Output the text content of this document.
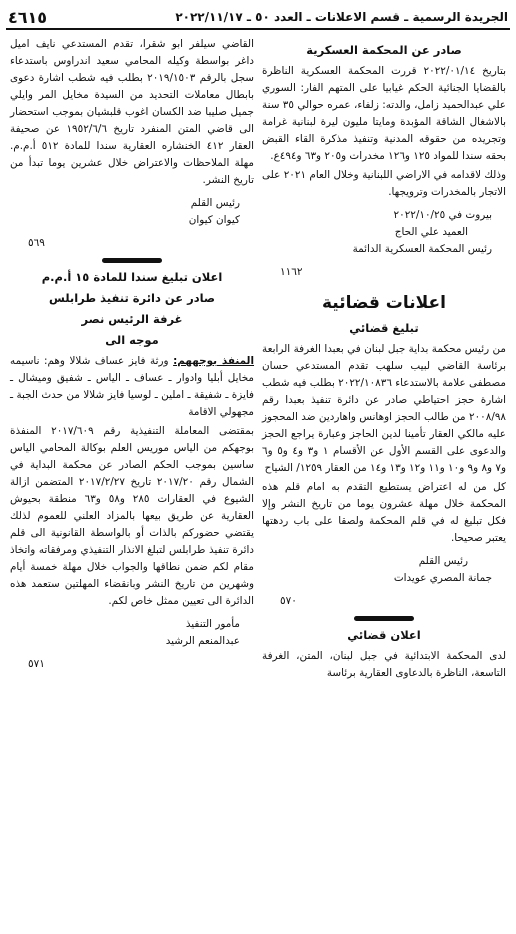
٤٦١٥	الجريدة الرسمية ـ قسم الاعلانات ـ العدد ٥٠ ـ ٢٠٢٢/١١/١٧
صادر عن المحكمة العسكرية

بتاريخ ٢٠٢٢/٠١/١٤ قررت المحكمة العسكرية الناظرة بالقضايا الجنائية الحكم غيابيا على المتهم الفار: السوري علي عبدالحميد زامل، والدته: زلفاء، عمره حوالي ٣٥ سنة بالاشغال الشاقة المؤبدة ومايتا مليون ليرة لبنانية غرامة وتجريده من حقوقه المدنية وتنفيذ مذكرة القاء القبض بحقه سندا للمواد ١٢٥ و١٢٦ مخدرات و٢٠٥ و٦٣ و٤٩٤ع.

وذلك لاقدامه في الاراضي اللبنانية وخلال العام ٢٠٢١ على الاتجار بالمخدرات وترويجها.

بيروت في ٢٠٢٢/١٠/٢٥

العميد علي الحاج

رئيس المحكمة العسكرية الدائمة

١١٦٢
اعلانات قضائية
تبليغ قضائي

من رئيس محكمة بداية جبل لبنان في بعبدا الغرفة الرابعة برئاسة القاضي لبيب سلهب تقدم المستدعي حسان مصطفى علامة بالاستدعاء ٢٠٢٢/١٠٨٣٦ بطلب فيه شطب اشارة حجز احتياطي صادر عن دائرة تنفيذ بعبدا رقم ٢٠٠٨/٩٨ من طالب الحجز اوهانس واهاردين ضد المحجوز عليه مالكي العقار تأمينا لدين الحاجز وعبارة يراجع الحجز والدعوى على القسم الأول عن الأقسام ١ و٣ و٤ و٥ و٦ و٧ و٨ و٩ و١٠ و١١ و١٢ و١٣ و١٤ من العقار ١٢٥٩/ الشياح

كل من له اعتراض يستطيع التقدم به امام قلم هذه المحكمة خلال مهلة عشرون يوما من تاريخ النشر وإلا فكل تبليغ له في قلم المحكمة ولصقا على باب ردهتها يعتبر صحيحا.

رئيس القلم

جمانة المصري عويدات

٥٧٠
اعلان قضائي

لدى المحكمة الابتدائية في جبل لبنان، المتن، الغرفة التاسعة، الناظرة بالدعاوى العقارية برئاسة

القاضي سيلفر ابو شقرا، تقدم المستدعي نايف اميل داغر بواسطة وكيله المحامي سعيد اندراوس باستدعاء سجل بالرقم ٢٠١٩/١٥٠٣ بطلب فيه شطب اشارة دعوى بابطال معاملات التحديد من السيدة مخايل المر وايلي جميل صليبا ضد الكسان اغوب قلبشيان بموجب استحضار الى قاضي المتن المنفرد تاريخ ١٩٥٢/٦/٦ عن صحيفة العقار ٤١٢ الخنشاره العقارية سندا للمادة ٥١٢ أ.م.م. مهلة الملاحظات والاعتراض خلال عشرين يوما تبدأ من تاريخ النشر.

رئيس القلم

كيوان كيوان

٥٦٩
اعلان تبليغ سندا للمادة ١٥ أ.م.م
صادر عن دائرة تنفيذ طرابلس
غرفة الرئيس نصر
موجه الى

المنفذ بوجههم: ورثة فايز عساف شلالا وهم: ناسيمه مخايل أبليا وادوار ـ عساف ـ الياس ـ شفيق وميشال ـ فايزة ـ شفيقة ـ املين ـ لوسيا فايز شلالا من حدث الجبة ـ مجهولي الاقامة

بمقتضى المعاملة التنفيذية رقم ٢٠١٧/٦٠٩ المنفذة بوجهكم من الياس موريس العلم بوكالة المحامي الياس ساسين بموجب الحكم الصادر عن محكمة البداية في الشمال رقم ٢٠١٧/٢٠ تاريخ ٢٠١٧/٢/٢٧ المتضمن ازالة الشيوع في العقارات ٢٨٥ و٥٨ و٦٣ منطقة بحيوش العقارية عن طريق بيعها بالمزاد العلني للعموم لذلك يقتضي حضوركم بالذات أو بالواسطة القانونية الى قلم دائرة تنفيذ طرابلس لتبلغ الانذار التنفيذي ومرفقاته واتخاذ مقام لكم ضمن نطاقها والجواب خلال مهلة خمسة أيام وشهرين من تاريخ النشر وبانقضاء المهلتين ستعمد هذه الدائرة الى تعيين ممثل خاص لكم.

مأمور التنفيذ

عبدالمنعم الرشيد

٥٧١
